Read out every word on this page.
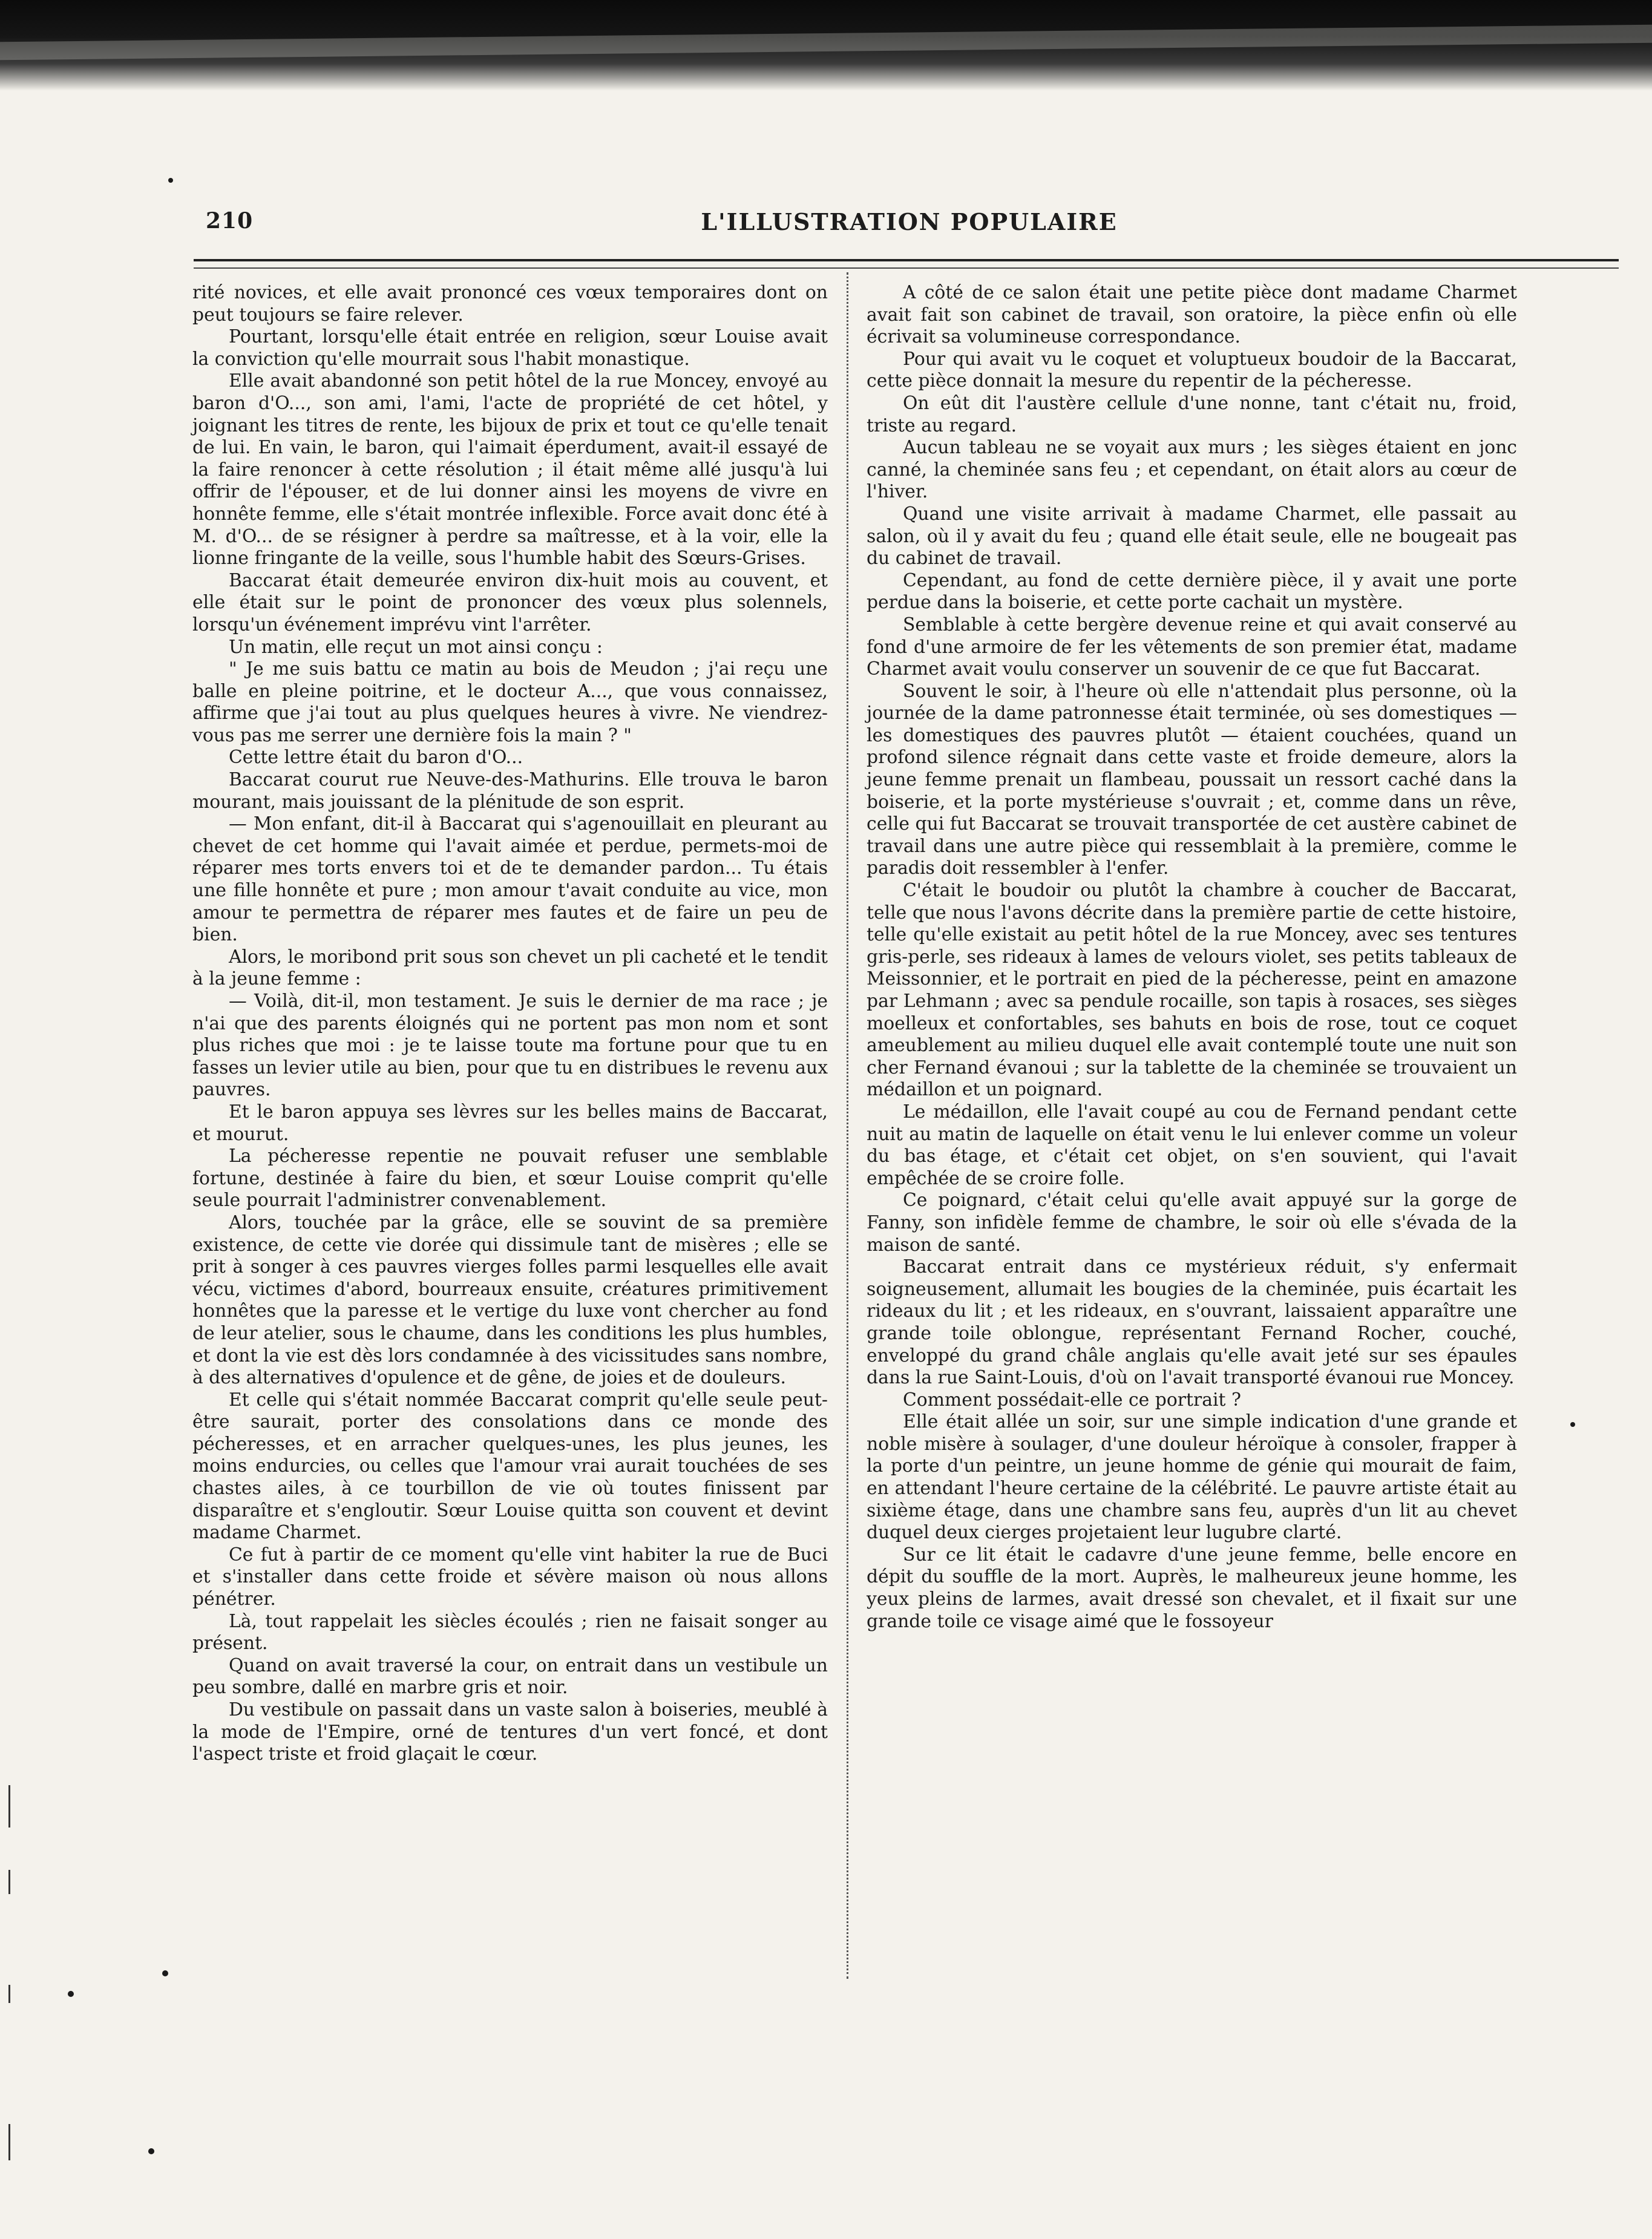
210	L'ILLUSTRATION POPULAIRE

rité novices, et elle avait prononcé ces vœux temporaires dont on peut toujours se faire relever.

Pourtant, lorsqu'elle était entrée en religion, sœur Louise avait la conviction qu'elle mourrait sous l'habit monastique.

Elle avait abandonné son petit hôtel de la rue Moncey, envoyé au baron d'O..., son ami, l'ami, l'acte de propriété de cet hôtel, y joignant les titres de rente, les bijoux de prix et tout ce qu'elle tenait de lui. En vain, le baron, qui l'aimait éperdument, avait-il essayé de la faire renoncer à cette résolution ; il était même allé jusqu'à lui offrir de l'épouser, et de lui donner ainsi les moyens de vivre en honnête femme, elle s'était montrée inflexible. Force avait donc été à M. d'O... de se résigner à perdre sa maîtresse, et à la voir, elle la lionne fringante de la veille, sous l'humble habit des Sœurs-Grises.

Baccarat était demeurée environ dix-huit mois au couvent, et elle était sur le point de prononcer des vœux plus solennels, lorsqu'un événement imprévu vint l'arrêter.

Un matin, elle reçut un mot ainsi conçu :

" Je me suis battu ce matin au bois de Meudon ; j'ai reçu une balle en pleine poitrine, et le docteur A..., que vous connaissez, affirme que j'ai tout au plus quelques heures à vivre. Ne viendrez-vous pas me serrer une dernière fois la main ? "

Cette lettre était du baron d'O...

Baccarat courut rue Neuve-des-Mathurins. Elle trouva le baron mourant, mais jouissant de la plénitude de son esprit.

— Mon enfant, dit-il à Baccarat qui s'agenouillait en pleurant au chevet de cet homme qui l'avait aimée et perdue, permets-moi de réparer mes torts envers toi et de te demander pardon... Tu étais une fille honnête et pure ; mon amour t'avait conduite au vice, mon amour te permettra de réparer mes fautes et de faire un peu de bien.

Alors, le moribond prit sous son chevet un pli cacheté et le tendit à la jeune femme :

— Voilà, dit-il, mon testament. Je suis le dernier de ma race ; je n'ai que des parents éloignés qui ne portent pas mon nom et sont plus riches que moi : je te laisse toute ma fortune pour que tu en fasses un levier utile au bien, pour que tu en distribues le revenu aux pauvres.

Et le baron appuya ses lèvres sur les belles mains de Baccarat, et mourut.

La pécheresse repentie ne pouvait refuser une semblable fortune, destinée à faire du bien, et sœur Louise comprit qu'elle seule pourrait l'administrer convenablement.

Alors, touchée par la grâce, elle se souvint de sa première existence, de cette vie dorée qui dissimule tant de misères ; elle se prit à songer à ces pauvres vierges folles parmi lesquelles elle avait vécu, victimes d'abord, bourreaux ensuite, créatures primitivement honnêtes que la paresse et le vertige du luxe vont chercher au fond de leur atelier, sous le chaume, dans les conditions les plus humbles, et dont la vie est dès lors condamnée à des vicissitudes sans nombre, à des alternatives d'opulence et de gêne, de joies et de douleurs.

Et celle qui s'était nommée Baccarat comprit qu'elle seule peut-être saurait, porter des consolations dans ce monde des pécheresses, et en arracher quelques-unes, les plus jeunes, les moins endurcies, ou celles que l'amour vrai aurait touchées de ses chastes ailes, à ce tourbillon de vie où toutes finissent par disparaître et s'engloutir. Sœur Louise quitta son couvent et devint madame Charmet.

Ce fut à partir de ce moment qu'elle vint habiter la rue de Buci et s'installer dans cette froide et sévère maison où nous allons pénétrer.

Là, tout rappelait les siècles écoulés ; rien ne faisait songer au présent.

Quand on avait traversé la cour, on entrait dans un vestibule un peu sombre, dallé en marbre gris et noir.

Du vestibule on passait dans un vaste salon à boiseries, meublé à la mode de l'Empire, orné de tentures d'un vert foncé, et dont l'aspect triste et froid glaçait le cœur.

A côté de ce salon était une petite pièce dont madame Charmet avait fait son cabinet de travail, son oratoire, la pièce enfin où elle écrivait sa volumineuse correspondance.

Pour qui avait vu le coquet et voluptueux boudoir de la Baccarat, cette pièce donnait la mesure du repentir de la pécheresse.

On eût dit l'austère cellule d'une nonne, tant c'était nu, froid, triste au regard.

Aucun tableau ne se voyait aux murs ; les sièges étaient en jonc canné, la cheminée sans feu ; et cependant, on était alors au cœur de l'hiver.

Quand une visite arrivait à madame Charmet, elle passait au salon, où il y avait du feu ; quand elle était seule, elle ne bougeait pas du cabinet de travail.

Cependant, au fond de cette dernière pièce, il y avait une porte perdue dans la boiserie, et cette porte cachait un mystère.

Semblable à cette bergère devenue reine et qui avait conservé au fond d'une armoire de fer les vêtements de son premier état, madame Charmet avait voulu conserver un souvenir de ce que fut Baccarat.

Souvent le soir, à l'heure où elle n'attendait plus personne, où la journée de la dame patronnesse était terminée, où ses domestiques — les domestiques des pauvres plutôt — étaient couchées, quand un profond silence régnait dans cette vaste et froide demeure, alors la jeune femme prenait un flambeau, poussait un ressort caché dans la boiserie, et la porte mystérieuse s'ouvrait ; et, comme dans un rêve, celle qui fut Baccarat se trouvait transportée de cet austère cabinet de travail dans une autre pièce qui ressemblait à la première, comme le paradis doit ressembler à l'enfer.

C'était le boudoir ou plutôt la chambre à coucher de Baccarat, telle que nous l'avons décrite dans la première partie de cette histoire, telle qu'elle existait au petit hôtel de la rue Moncey, avec ses tentures gris-perle, ses rideaux à lames de velours violet, ses petits tableaux de Meissonnier, et le portrait en pied de la pécheresse, peint en amazone par Lehmann ; avec sa pendule rocaille, son tapis à rosaces, ses sièges moelleux et confortables, ses bahuts en bois de rose, tout ce coquet ameublement au milieu duquel elle avait contemplé toute une nuit son cher Fernand évanoui ; sur la tablette de la cheminée se trouvaient un médaillon et un poignard.

Le médaillon, elle l'avait coupé au cou de Fernand pendant cette nuit au matin de laquelle on était venu le lui enlever comme un voleur du bas étage, et c'était cet objet, on s'en souvient, qui l'avait empêchée de se croire folle.

Ce poignard, c'était celui qu'elle avait appuyé sur la gorge de Fanny, son infidèle femme de chambre, le soir où elle s'évada de la maison de santé.

Baccarat entrait dans ce mystérieux réduit, s'y enfermait soigneusement, allumait les bougies de la cheminée, puis écartait les rideaux du lit ; et les rideaux, en s'ouvrant, laissaient apparaître une grande toile oblongue, représentant Fernand Rocher, couché, enveloppé du grand châle anglais qu'elle avait jeté sur ses épaules dans la rue Saint-Louis, d'où on l'avait transporté évanoui rue Moncey.

Comment possédait-elle ce portrait ?

Elle était allée un soir, sur une simple indication d'une grande et noble misère à soulager, d'une douleur héroïque à consoler, frapper à la porte d'un peintre, un jeune homme de génie qui mourait de faim, en attendant l'heure certaine de la célébrité. Le pauvre artiste était au sixième étage, dans une chambre sans feu, auprès d'un lit au chevet duquel deux cierges projetaient leur lugubre clarté.

Sur ce lit était le cadavre d'une jeune femme, belle encore en dépit du souffle de la mort. Auprès, le malheureux jeune homme, les yeux pleins de larmes, avait dressé son chevalet, et il fixait sur une grande toile ce visage aimé que le fossoyeur
